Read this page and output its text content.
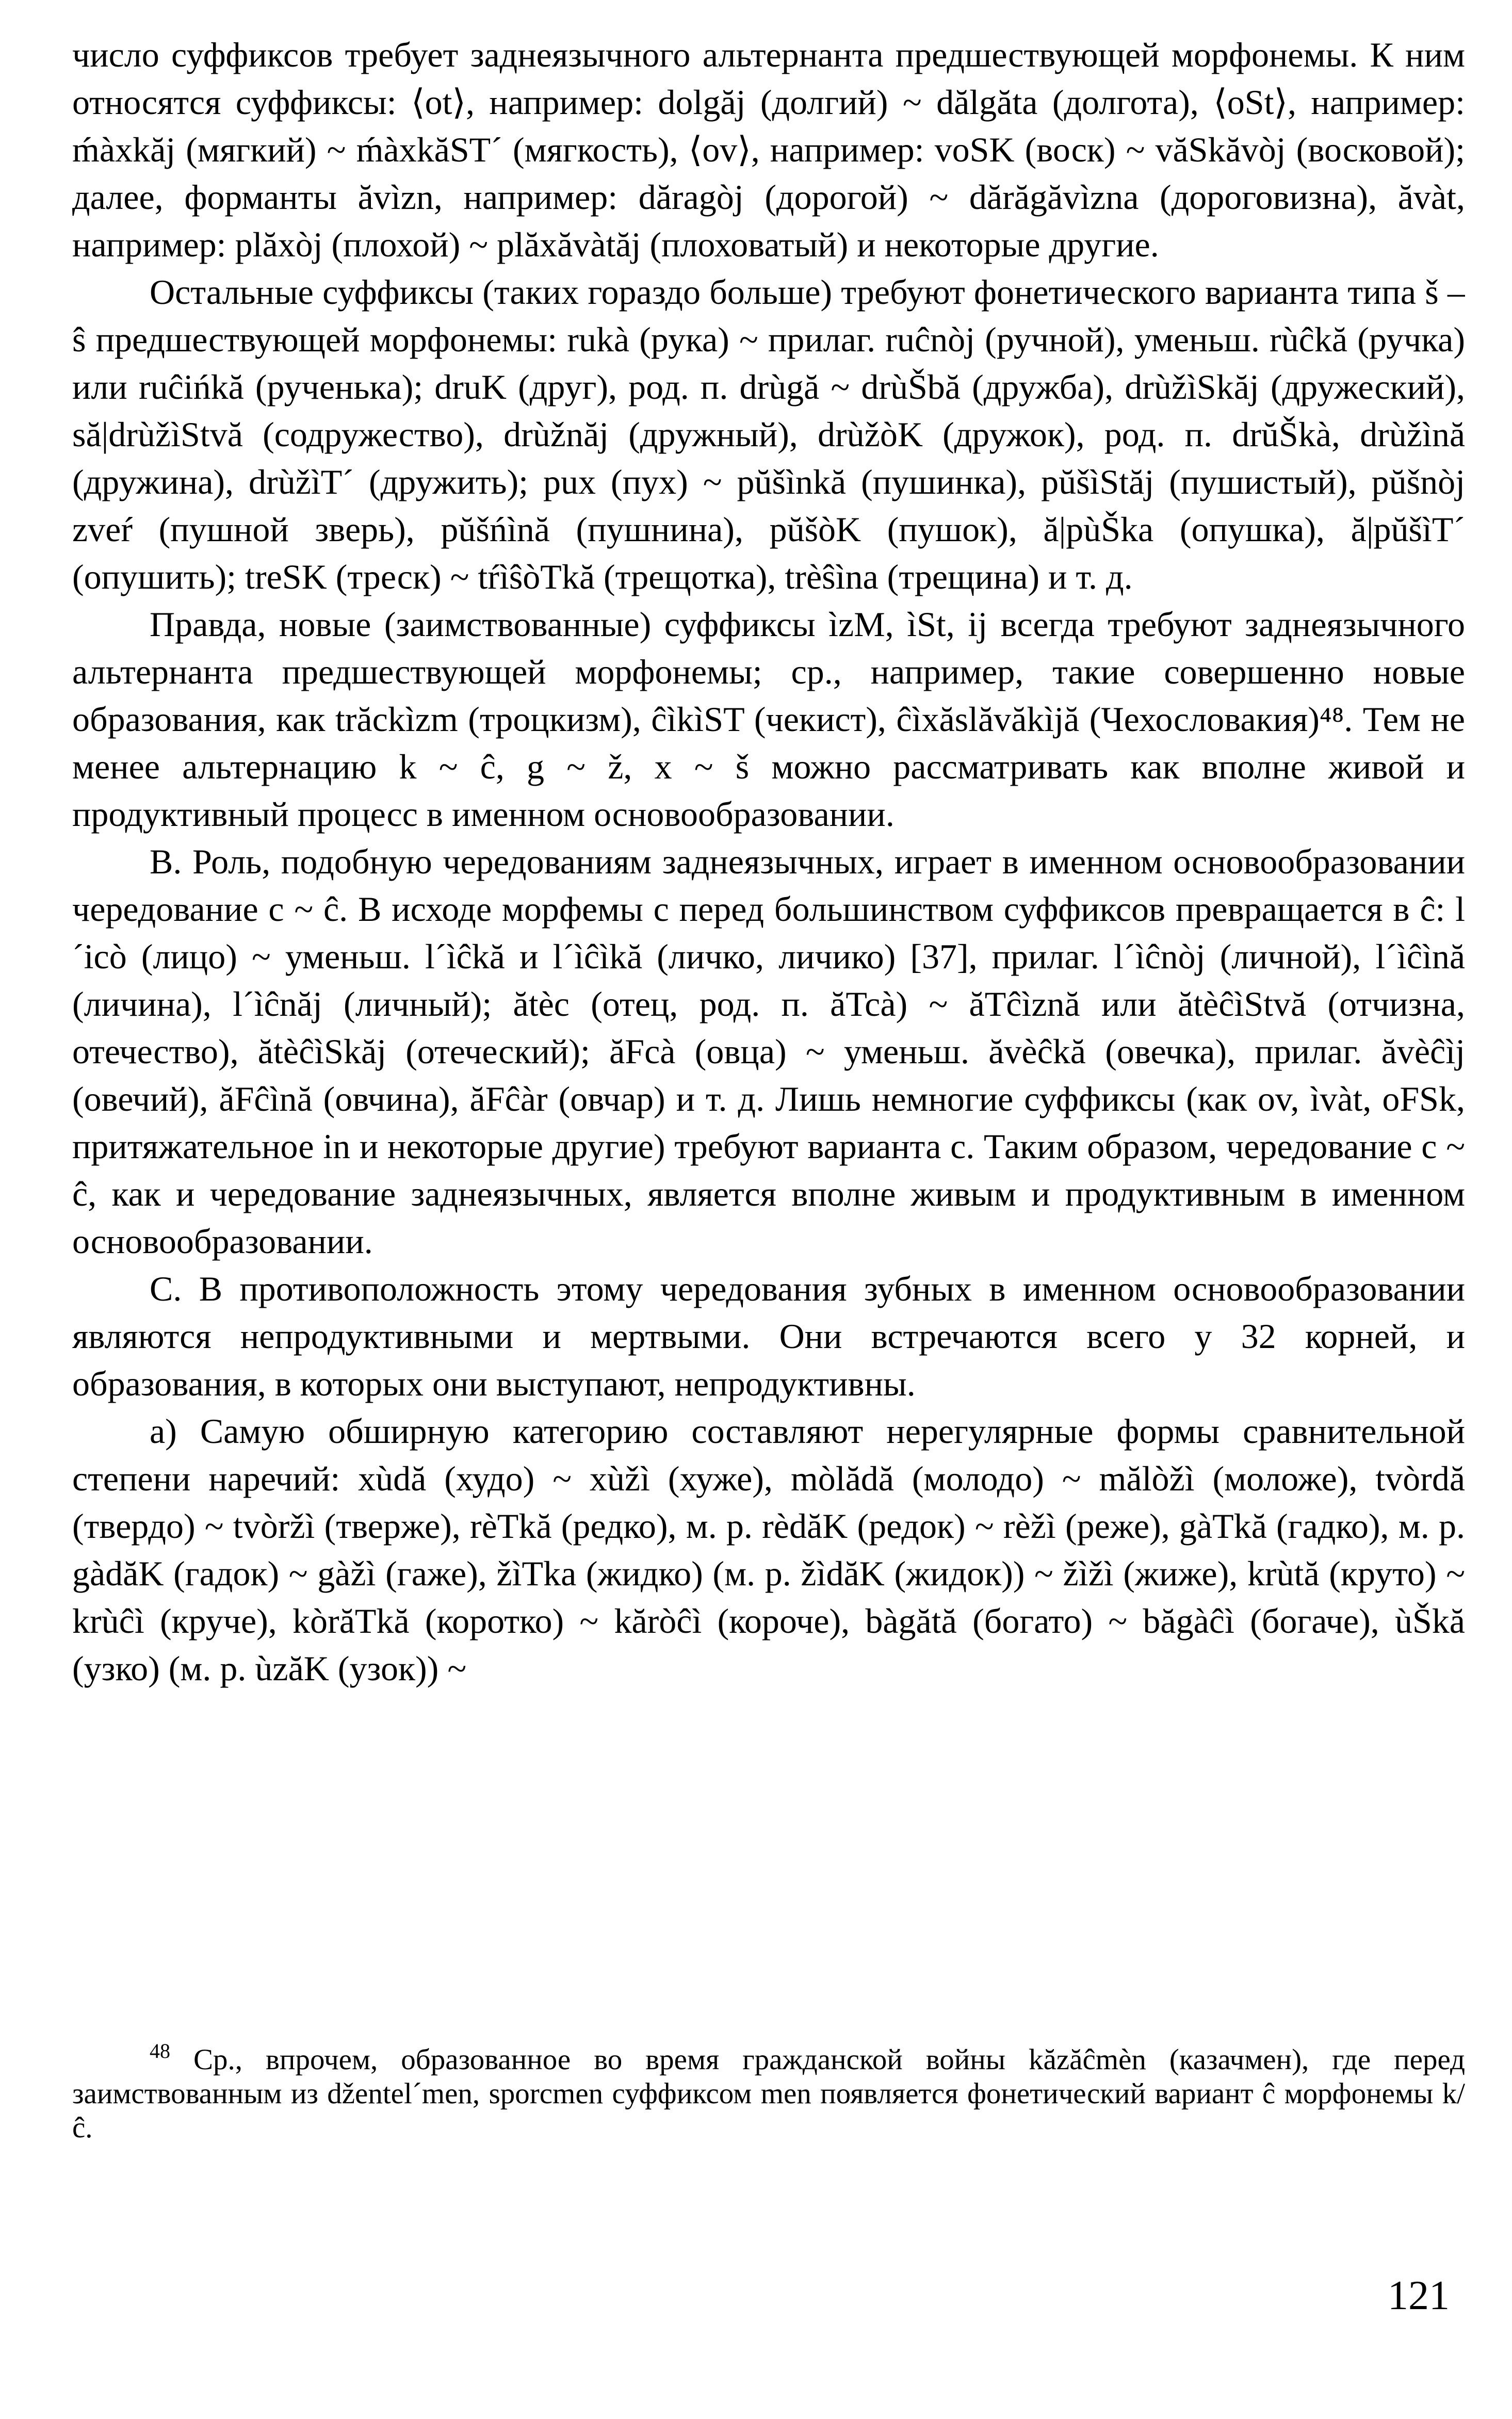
число суффиксов требует заднеязычного альтернанта предшествующей морфонемы. К ним относятся суффиксы: ⟨ot⟩, например: dolgăj (долгий) ~ dălgăta (долгота), ⟨oSt⟩, например: ḿàxkăj (мягкий) ~ ḿàxkăST´ (мягкость), ⟨ov⟩, например: voSK (воск) ~ văSkăvòj (восковой); далее, форманты ăvìzn, например: dăragòj (дорогой) ~ dărăgăvìzna (дороговизна), ăvàt, например: plăxòj (плохой) ~ plăxăvàtăj (плоховатый) и некоторые другие.

Остальные суффиксы (таких гораздо больше) требуют фонетического варианта типа š – ŝ предшествующей морфонемы: rukà (рука) ~ прилаг. ruĉnòj (ручной), уменьш. rùĉkă (ручка) или ruĉińkă (рученька); druK (друг), род. п. drùgă ~ drùŠbă (дружба), drùžìSkăj (дружеский), să|drùžìStvă (содружество), drùžnăj (дружный), drùžòK (дружок), род. п. drŭŠkà, drùžìnă (дружина), drùžìT´ (дружить); pux (пух) ~ pŭšìnkă (пушинка), pŭšìStăj (пушистый), pŭšnòj zveŕ (пушной зверь), pŭšńìnă (пушнина), pŭšòK (пушок), ă|pùŠka (опушка), ă|pŭšìT´ (опушить); treSK (треск) ~ tŕìŝòTkă (трещотка), trèŝìna (трещина) и т. д.

Правда, новые (заимствованные) суффиксы ìzM, ìSt, ij всегда требуют заднеязычного альтернанта предшествующей морфонемы; ср., например, такие совершенно новые образования, как trăckìzm (троцкизм), ĉìkìST (чекист), ĉìxăslăvăkìjă (Чехословакия)⁴⁸. Тем не менее альтернацию k ~ ĉ, g ~ ž, x ~ š можно рассматривать как вполне живой и продуктивный процесс в именном основообразовании.

B. Роль, подобную чередованиям заднеязычных, играет в именном основообразовании чередование c ~ ĉ. В исходе морфемы c перед большинством суффиксов превращается в ĉ: l´icò (лицо) ~ уменьш. l´ìĉkă и l´ìĉìkă (личко, личико) [37], прилаг. l´ìĉnòj (личной), l´ìĉìnă (личина), l´ìĉnăj (личный); ătèc (отец, род. п. ăTcà) ~ ăTĉìznă или ătèĉìStvă (отчизна, отечество), ătèĉìSkăj (отеческий); ăFcà (овца) ~ уменьш. ăvèĉkă (овечка), прилаг. ăvèĉìj (овечий), ăFĉìnă (овчина), ăFĉàr (овчар) и т. д. Лишь немногие суффиксы (как ov, ìvàt, oFSk, притяжательное in и некоторые другие) требуют варианта c. Таким образом, чередование c ~ ĉ, как и чередование заднеязычных, является вполне живым и продуктивным в именном основообразовании.

C. В противоположность этому чередования зубных в именном основообразовании являются непродуктивными и мертвыми. Они встречаются всего у 32 корней, и образования, в которых они выступают, непродуктивны.

a) Самую обширную категорию составляют нерегулярные формы сравнительной степени наречий: xùdă (худо) ~ xùžì (хуже), mòlădă (молодо) ~ mălòžì (моложе), tvòrdă (твердо) ~ tvòržì (тверже), rèTkă (редко), м. р. rèdăK (редок) ~ rèžì (реже), gàTkă (гадко), м. р. gàdăK (гадок) ~ gàžì (гаже), žìTka (жидко) (м. р. žìdăK (жидок)) ~ žìžì (жиже), krùtă (круто) ~ krùĉì (круче), kòrăTkă (коротко) ~ kăròĉì (короче), bàgătă (богато) ~ băgàĉì (богаче), ùŠkă (узко) (м. р. ùzăK (узок)) ~

$^{48}$ Ср., впрочем, образованное во время гражданской войны kăzăĉmèn (казачмен), где перед заимствованным из džentel´men, sporcmen суффиксом men появляется фонетический вариант ĉ морфонемы k/ĉ.
121
